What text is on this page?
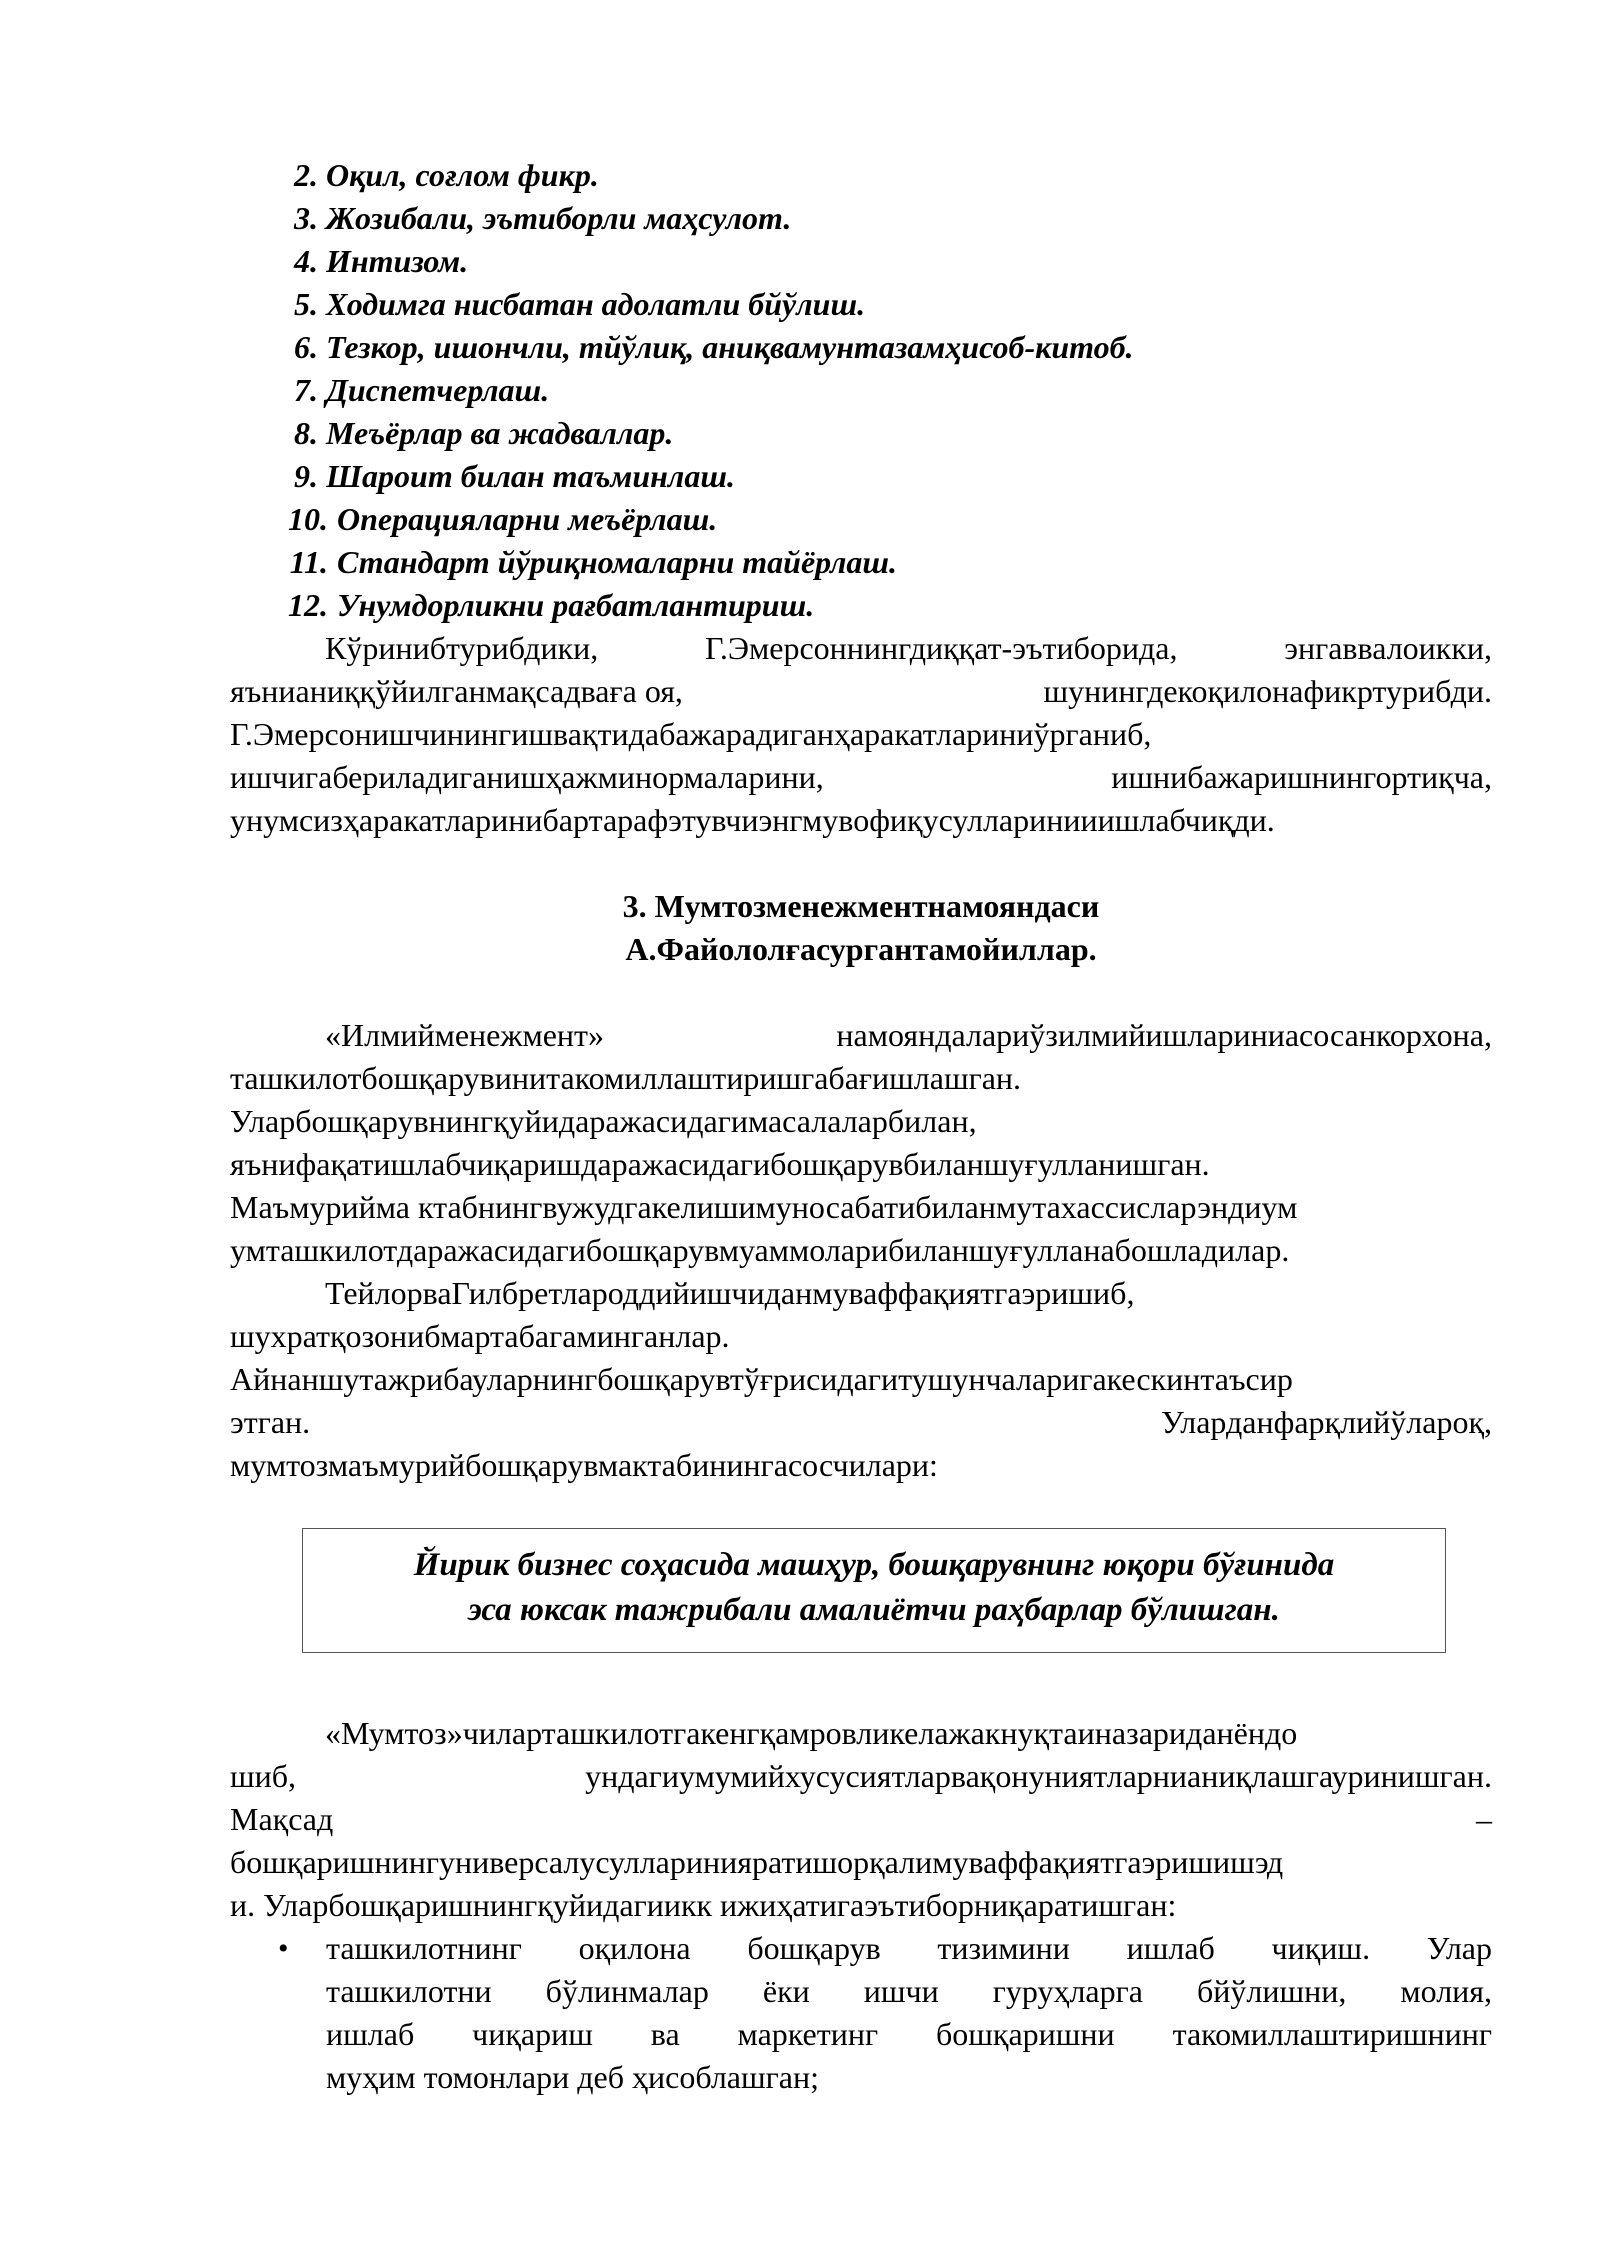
2. Оқил, соғлом фикр.
3. Жозибали, эътиборли маҳсулот.
4. Интизом.
5. Ходимга нисбатан адолатли бйўлиш.
6. Тезкор, ишончли, тйўлиқ, аниқвамунтазамҳисоб-китоб.
7. Диспетчерлаш.
8. Меъёрлар ва жадваллар.
9. Шароит билан таъминлаш.
10. Операцияларни меъёрлаш.
11. Стандарт йўриқномаларни тайёрлаш.
12. Унумдорликни рағбатлантириш.
Кўринибтурибдики, Г.Эмерсоннингдиққат-эътиборида, энгаввалоикки,
яънианиққўйилганмақсадваға оя,	шунингдекоқилонафикртурибди.
Г.Эмерсонишчинингишвақтидабажарадиганҳаракатлариниўрганиб,
ишчигабериладиганишҳажминормаларини,	ишнибажаришнингортиқча,
унумсизҳаракатларинибартарафэтувчиэнгмувофиқусулларинииишлабчиқди.
3. Мумтозменежментнамояндаси
А.Файололғасургантамойиллар.
«Илмийменежмент»	намояндалариўзилмийишлариниасосанкорхона,
ташкилотбошқарувинитакомиллаштиришгабағишлашган.
Уларбошқарувнингқуйидаражасидагимасалаларбилан,
яънифақатишлабчиқаришдаражасидагибошқарувбиланшуғулланишган.
Маъмурийма ктабнингвужудгакелишимуносабатибиланмутахассисларэндиум
умташкилотдаражасидагибошқарувмуаммоларибиланшуғулланабошладилар.
ТейлорваГилбретлароддийишчиданмуваффақиятгаэришиб,
шухратқозонибмартабагаминганлар.
Айнаншутажрибауларнингбошқарувтўғрисидагитушунчаларигакескинтаъсир
этган.	Уларданфарқлийўлароқ,
мумтозмаъмурийбошқарувмактабинингасосчилари:
Йирик бизнес соҳасида машҳур, бошқарувнинг юқори бўғинида
эса юксак тажрибали амалиётчи раҳбарлар бўлишган.
«Мумтоз»чиларташкилотгакенгқамровликелажакнуқтаиназариданёндо
шиб,	ундагиумумийхусусиятларвақонуниятларнианиқлашгауринишган.
Мақсад	–
бошқаришнингуниверсалусулларинияратишорқалимуваффақиятгаэришишэд
и. Уларбошқаришнингқуйидагиикк ижиҳатигаэътиборниқаратишган:
• ташкилотнинг оқилона бошқарув тизимини ишлаб чиқиш. Улар
ташкилотни бўлинмалар ёки ишчи гуруҳларга бйўлишни, молия,
ишлаб чиқариш ва маркетинг бошқаришни такомиллаштиришнинг
муҳим томонлари деб ҳисоблашган;
